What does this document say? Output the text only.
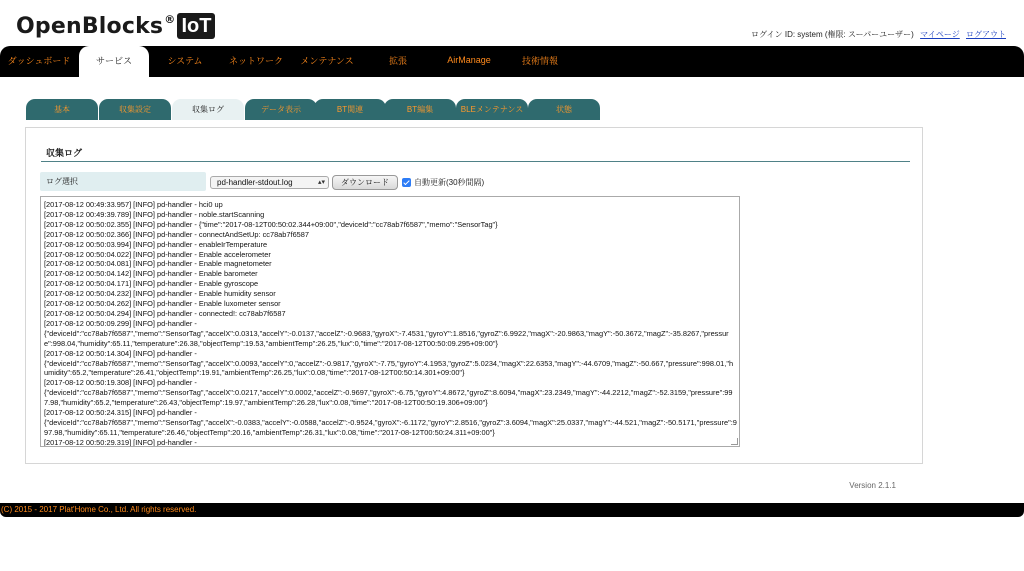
OpenBlocks ® IoT	ログイン ID: system (権限: スーパーユーザー) マイページ ログアウト
ダッシュボード	サービス	システム	ネットワーク	メンテナンス	拡張	AirManage	技術情報
基本	収集設定	収集ログ	データ表示	BT関連	BT編集	BLEメンテナンス	状態
収集ログ
ログ選択	pd-handler-stdout.log	▴▾	ダウンロード	自動更新(30秒間隔)
[2017-08-12 00:49:33.957] [INFO] pd-handler - hci0 up
[2017-08-12 00:49:39.789] [INFO] pd-handler - noble.startScanning
[2017-08-12 00:50:02.355] [INFO] pd-handler - {"time":"2017-08-12T00:50:02.344+09:00","deviceId":"cc78ab7f6587","memo":"SensorTag"}
[2017-08-12 00:50:02.366] [INFO] pd-handler - connectAndSetUp: cc78ab7f6587
[2017-08-12 00:50:03.994] [INFO] pd-handler - enableIrTemperature
[2017-08-12 00:50:04.022] [INFO] pd-handler - Enable accelerometer
[2017-08-12 00:50:04.081] [INFO] pd-handler - Enable magnetometer
[2017-08-12 00:50:04.142] [INFO] pd-handler - Enable barometer
[2017-08-12 00:50:04.171] [INFO] pd-handler - Enable gyroscope
[2017-08-12 00:50:04.232] [INFO] pd-handler - Enable humidity sensor
[2017-08-12 00:50:04.262] [INFO] pd-handler - Enable luxometer sensor
[2017-08-12 00:50:04.294] [INFO] pd-handler - connected!: cc78ab7f6587
[2017-08-12 00:50:09.299] [INFO] pd-handler -
{"deviceId":"cc78ab7f6587","memo":"SensorTag","accelX":0.0313,"accelY":-0.0137,"accelZ":-0.9683,"gyroX":-7.4531,"gyroY":1.8516,"gyroZ":6.9922,"magX":-20.9863,"magY":-50.3672,"magZ":-35.8267,"pressure":998.04,"humidity":65.11,"temperature":26.38,"objectTemp":19.53,"ambientTemp":26.25,"lux":0,"time":"2017-08-12T00:50:09.295+09:00"}
[2017-08-12 00:50:14.304] [INFO] pd-handler -
{"deviceId":"cc78ab7f6587","memo":"SensorTag","accelX":0.0093,"accelY":0,"accelZ":-0.9817,"gyroX":-7.75,"gyroY":4.1953,"gyroZ":5.0234,"magX":22.6353,"magY":-44.6709,"magZ":-50.667,"pressure":998.01,"humidity":65.2,"temperature":26.41,"objectTemp":19.91,"ambientTemp":26.25,"lux":0.08,"time":"2017-08-12T00:50:14.301+09:00"}
[2017-08-12 00:50:19.308] [INFO] pd-handler -
{"deviceId":"cc78ab7f6587","memo":"SensorTag","accelX":0.0217,"accelY":0.0002,"accelZ":-0.9697,"gyroX":-6.75,"gyroY":4.8672,"gyroZ":8.6094,"magX":23.2349,"magY":-44.2212,"magZ":-52.3159,"pressure":997.98,"humidity":65.2,"temperature":26.43,"objectTemp":19.97,"ambientTemp":26.28,"lux":0.08,"time":"2017-08-12T00:50:19.306+09:00"}
[2017-08-12 00:50:24.315] [INFO] pd-handler -
{"deviceId":"cc78ab7f6587","memo":"SensorTag","accelX":-0.0383,"accelY":-0.0588,"accelZ":-0.9524,"gyroX":-6.1172,"gyroY":2.8516,"gyroZ":3.6094,"magX":25.0337,"magY":-44.521,"magZ":-50.5171,"pressure":997.98,"humidity":65.11,"temperature":26.46,"objectTemp":20.16,"ambientTemp":26.31,"lux":0.08,"time":"2017-08-12T00:50:24.311+09:00"}
[2017-08-12 00:50:29.319] [INFO] pd-handler -
Version 2.1.1
(C) 2015 - 2017 Plat'Home Co., Ltd. All rights reserved.
